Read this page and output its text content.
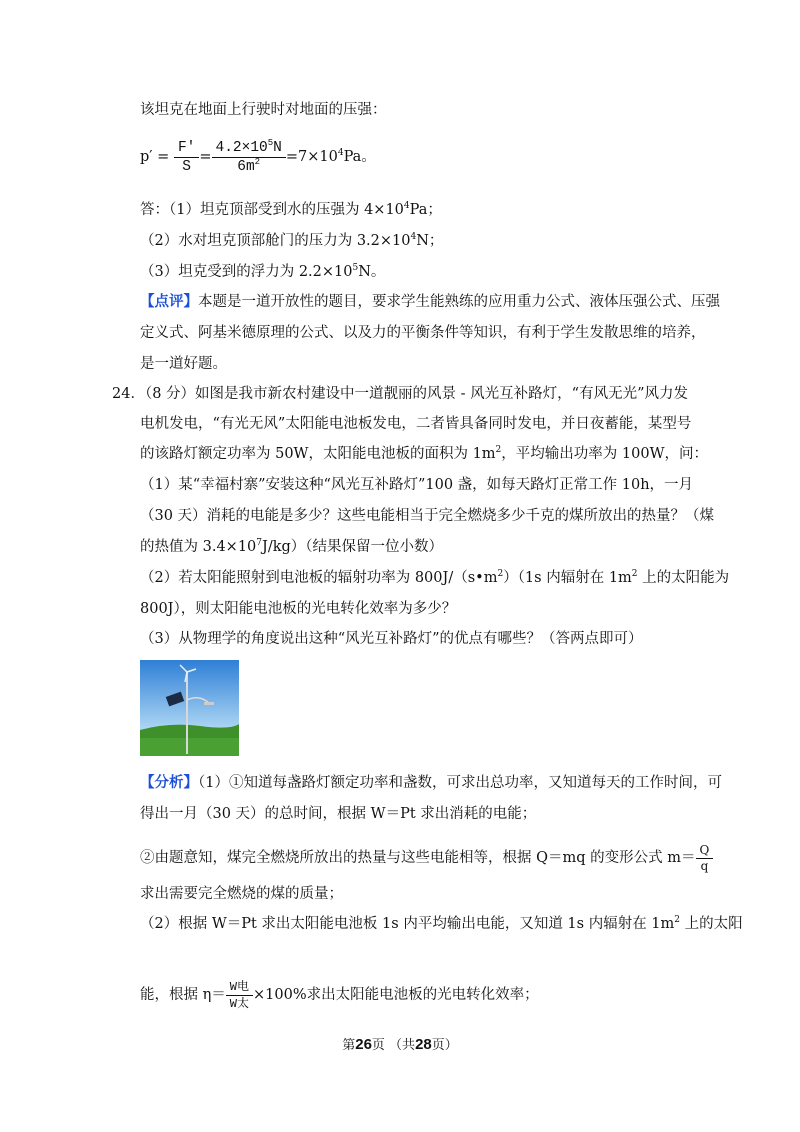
该坦克在地面上行驶时对地面的压强：
$p' = \frac{F'}{S} = \frac{4.2\times 10^5N}{6m^2} =7\times 10^4Pa$。
答：（1）坦克顶部受到水的压强为 $4\times 10^4Pa$；
（2）水对坦克顶部舱门的压力为 $3.2\times 10^4N$；
（3）坦克受到的浮力为 $2.2\times 10^5N$。
【点评】本题是一道开放性的题目，要求学生能熟练的应用重力公式、液体压强公式、压强
定义式、阿基米德原理的公式、以及力的平衡条件等知识，有利于学生发散思维的培养，
是一道好题。
24．（8 分）如图是我市新农村建设中一道靓丽的风景 - 风光互补路灯，“有风无光”风力发
电机发电，“有光无风”太阳能电池板发电，二者皆具备同时发电，并日夜蓄能，某型号
的该路灯额定功率为 50W，太阳能电池板的面积为 $1m^2$，平均输出功率为 100W，问：
（1）某“幸福村寨”安装这种“风光互补路灯”100 盏，如每天路灯正常工作 10h，一月
（30 天）消耗的电能是多少？这些电能相当于完全燃烧多少千克的煤所放出的热量？（煤
的热值为 $3.4\times 10^7J/kg$）（结果保留一位小数）
（2）若太阳能照射到电池板的辐射功率为 $800J/(s•m^2)(1s$ 内辐射在 $1m^2$ 上的太阳能为
800J），则太阳能电池板的光电转化效率为多少？
（3）从物理学的角度说出这种“风光互补路灯”的优点有哪些？（答两点即可）
【分析】（1）①知道每盏路灯额定功率和盏数，可求出总功率，又知道每天的工作时间，可
得出一月（30 天）的总时间，根据 W＝Pt 求出消耗的电能；
②由题意知，煤完全燃烧所放出的热量与这些电能相等，根据 Q＝mq 的变形公式 $m= \frac{Q}{q}$
求出需要完全燃烧的煤的质量；
（2）根据 W＝Pt 求出太阳能电池板 1s 内平均输出电能，又知道 1s 内辐射在 $1m^2$ 上的太阳
能，根据 $\eta= \frac{\text{W电}}{\text{W太}} \times 100\%$求出太阳能电池板的光电转化效率；
第26页 （共28页）
